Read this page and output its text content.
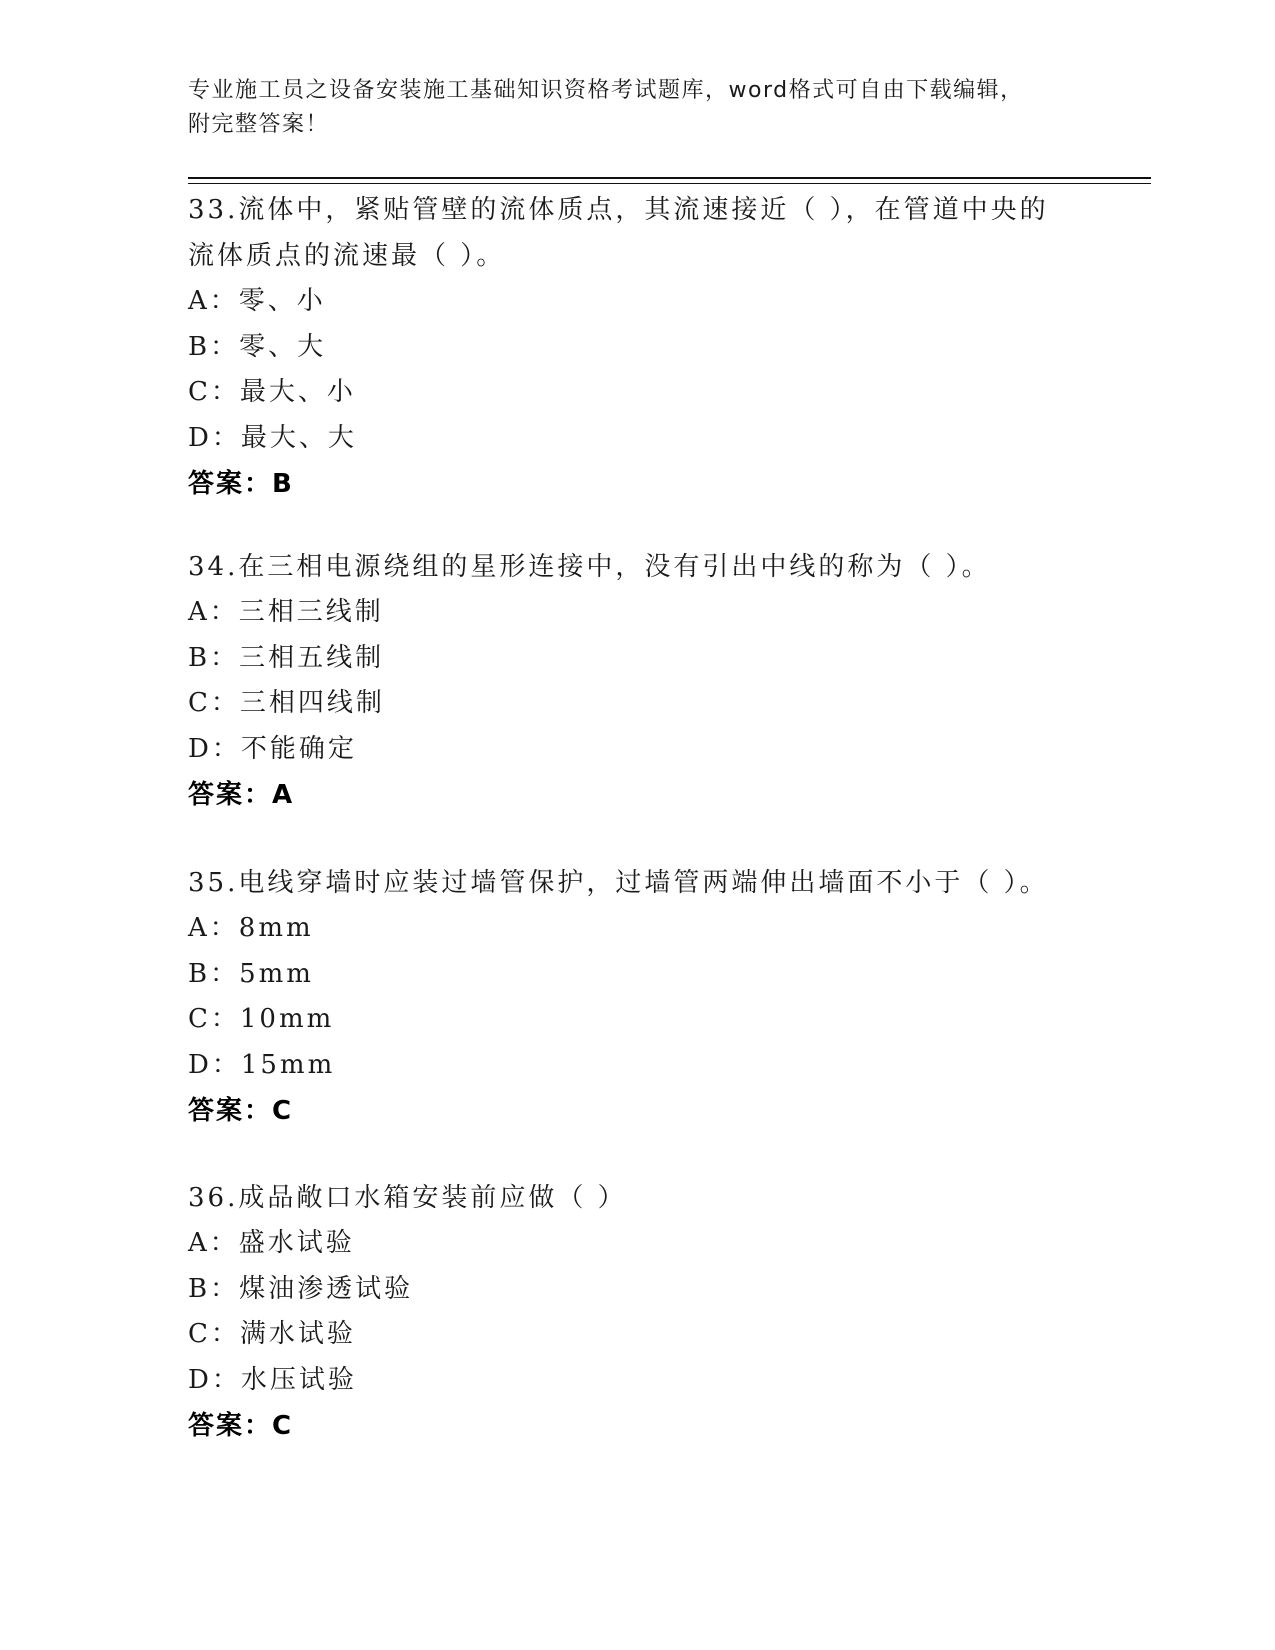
专业施工员之设备安装施工基础知识资格考试题库，word格式可自由下载编辑，
附完整答案！

33.流体中，紧贴管壁的流体质点，其流速接近（ ），在管道中央的

流体质点的流速最（ ）。

A：零、小

B：零、大

C：最大、小

D：最大、大

答案：B

34.在三相电源绕组的星形连接中，没有引出中线的称为（ ）。

A：三相三线制

B：三相五线制

C：三相四线制

D：不能确定

答案：A

35.电线穿墙时应装过墙管保护，过墙管两端伸出墙面不小于（ ）。

A：8mm

B：5mm

C：10mm

D：15mm

答案：C

36.成品敞口水箱安装前应做（ ）

A：盛水试验

B：煤油渗透试验

C：满水试验

D：水压试验

答案：C
